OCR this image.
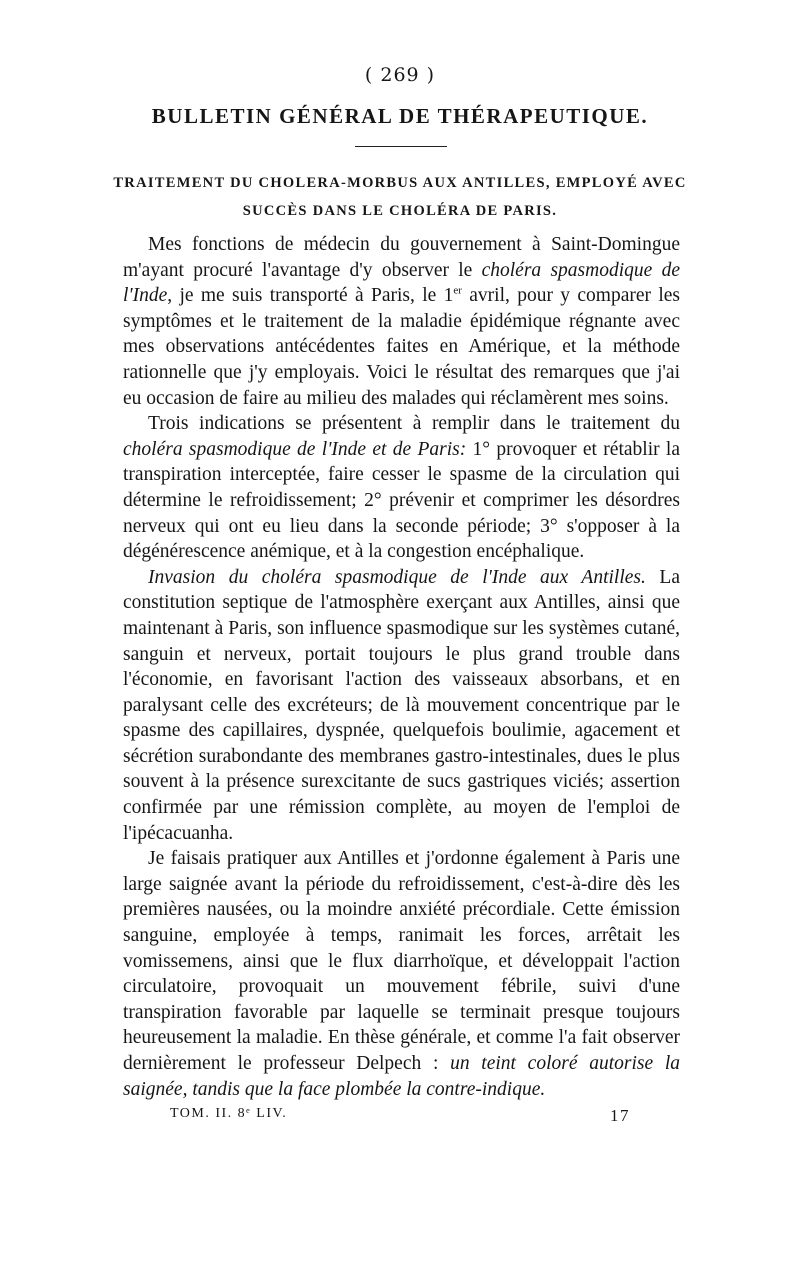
( 269 )
BULLETIN GÉNÉRAL DE THÉRAPEUTIQUE.
TRAITEMENT DU CHOLERA-MORBUS AUX ANTILLES, EMPLOYÉ AVEC SUCCÈS DANS LE CHOLÉRA DE PARIS.

Mes fonctions de médecin du gouvernement à Saint-Domingue m'ayant procuré l'avantage d'y observer le choléra spasmodique de l'Inde, je me suis transporté à Paris, le 1er avril, pour y comparer les symptômes et le traitement de la maladie épidémique régnante avec mes observations antécédentes faites en Amérique, et la méthode rationnelle que j'y employais. Voici le résultat des remarques que j'ai eu occasion de faire au milieu des malades qui réclamèrent mes soins.

Trois indications se présentent à remplir dans le traitement du choléra spasmodique de l'Inde et de Paris: 1° provoquer et rétablir la transpiration interceptée, faire cesser le spasme de la circulation qui détermine le refroidissement; 2° prévenir et comprimer les désordres nerveux qui ont eu lieu dans la seconde période; 3° s'opposer à la dégénérescence anémique, et à la congestion encéphalique.

Invasion du choléra spasmodique de l'Inde aux Antilles. La constitution septique de l'atmosphère exerçant aux Antilles, ainsi que maintenant à Paris, son influence spasmodique sur les systèmes cutané, sanguin et nerveux, portait toujours le plus grand trouble dans l'économie, en favorisant l'action des vaisseaux absorbans, et en paralysant celle des excréteurs; de là mouvement concentrique par le spasme des capillaires, dyspnée, quelquefois boulimie, agacement et sécrétion surabondante des membranes gastro-intestinales, dues le plus souvent à la présence surexcitante de sucs gastriques viciés; assertion confirmée par une rémission complète, au moyen de l'emploi de l'ipécacuanha.

Je faisais pratiquer aux Antilles et j'ordonne également à Paris une large saignée avant la période du refroidissement, c'est-à-dire dès les premières nausées, ou la moindre anxiété précordiale. Cette émission sanguine, employée à temps, ranimait les forces, arrêtait les vomissemens, ainsi que le flux diarrhoïque, et développait l'action circulatoire, provoquait un mouvement fébrile, suivi d'une transpiration favorable par laquelle se terminait presque toujours heureusement la maladie. En thèse générale, et comme l'a fait observer dernièrement le professeur Delpech : un teint coloré autorise la saignée, tandis que la face plombée la contre-indique.

TOM. II. 8ᵉ LIV.	17
